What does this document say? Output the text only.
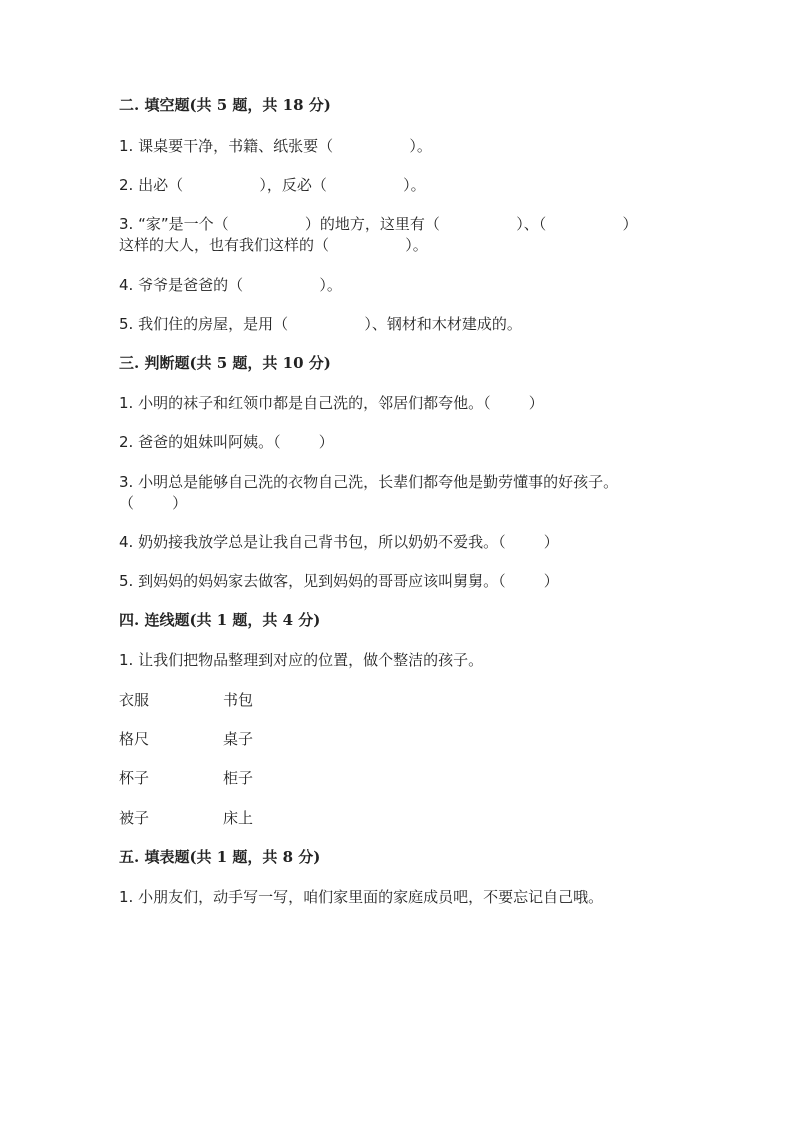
二. 填空题(共 5 题，共 18 分)
1. 课桌要干净，书籍、纸张要（                ）。
2. 出必（                ），反必（                ）。
3. “家”是一个（                ）的地方，这里有（                ）、（                ）
这样的大人，也有我们这样的（                ）。
4. 爷爷是爸爸的（                ）。
5. 我们住的房屋，是用（                ）、钢材和木材建成的。
三. 判断题(共 5 题，共 10 分)
1. 小明的袜子和红领巾都是自己洗的，邻居们都夸他。（        ）
2. 爸爸的姐妹叫阿姨。（        ）
3. 小明总是能够自己洗的衣物自己洗，长辈们都夸他是勤劳懂事的好孩子。
（        ）
4. 奶奶接我放学总是让我自己背书包，所以奶奶不爱我。（        ）
5. 到妈妈的妈妈家去做客，见到妈妈的哥哥应该叫舅舅。（        ）
四. 连线题(共 1 题，共 4 分)
1. 让我们把物品整理到对应的位置，做个整洁的孩子。
衣服	书包
格尺	桌子
杯子	柜子
被子	床上
五. 填表题(共 1 题，共 8 分)
1. 小朋友们，动手写一写，咱们家里面的家庭成员吧，不要忘记自己哦。
